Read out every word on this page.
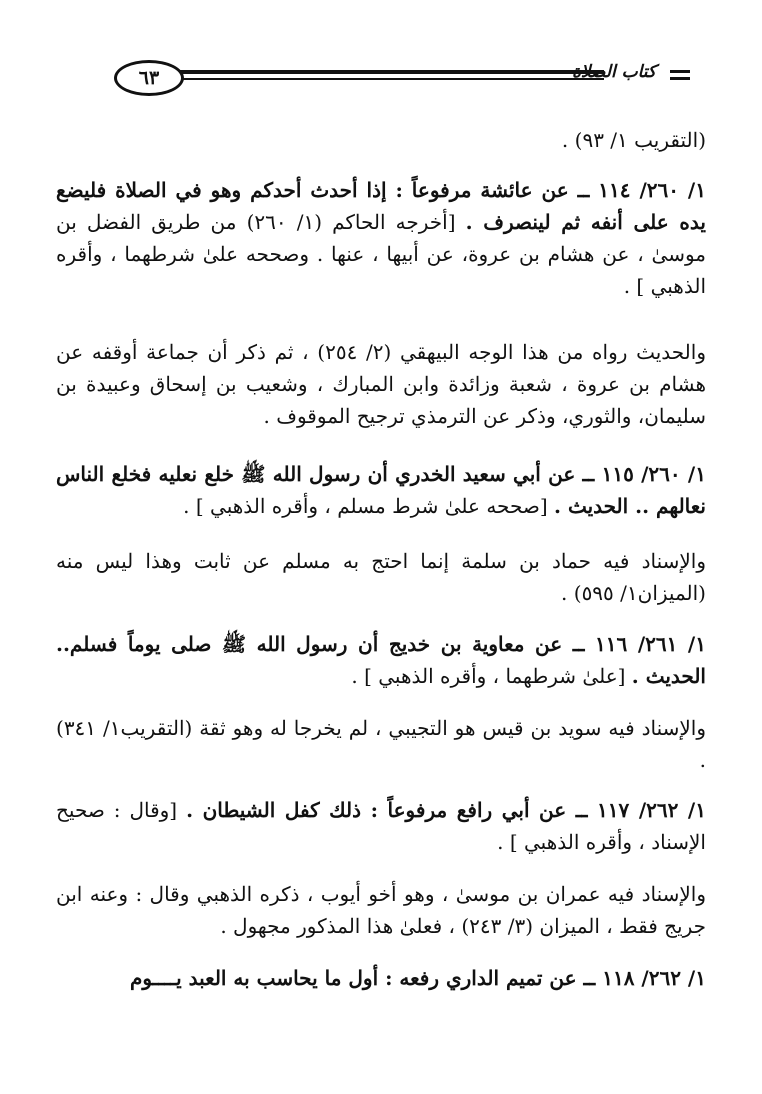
٦٣	كتاب الصلاة

(التقريب ١/ ٩٣) .

١/ ٢٦٠/ ١١٤ ــ عن عائشة مرفوعاً : إذا أحدث أحدكم وهو في الصلاة فليضع يده على أنفه ثم لينصرف . [أخرجه الحاكم (١/ ٢٦٠) من طريق الفضل بن موسىٰ ، عن هشام بن عروة، عن أبيها ، عنها . وصححه علىٰ شرطهما ، وأقره الذهبي ] .

والحديث رواه من هذا الوجه البيهقي (٢/ ٢٥٤) ، ثم ذكر أن جماعة أوقفه عن هشام بن عروة ، شعبة وزائدة وابن المبارك ، وشعيب بن إسحاق وعبيدة بن سليمان، والثوري، وذكر عن الترمذي ترجيح الموقوف .

١/ ٢٦٠/ ١١٥ ــ عن أبي سعيد الخدري أن رسول الله ﷺ خلع نعليه فخلع الناس نعالهم .. الحديث . [صححه علىٰ شرط مسلم ، وأقره الذهبي ] .

والإسناد فيه حماد بن سلمة إنما احتج به مسلم عن ثابت وهذا ليس منه (الميزان١/ ٥٩٥) .

١/ ٢٦١/ ١١٦ ــ عن معاوية بن خديج أن رسول الله ﷺ صلى يوماً فسلم.. الحديث . [علىٰ شرطهما ، وأقره الذهبي ] .

والإسناد فيه سويد بن قيس هو التجيبي ، لم يخرجا له وهو ثقة (التقريب١/ ٣٤١) .

١/ ٢٦٢/ ١١٧ ــ عن أبي رافع مرفوعاً : ذلك كفل الشيطان . [وقال : صحيح الإسناد ، وأقره الذهبي ] .

والإسناد فيه عمران بن موسىٰ ، وهو أخو أيوب ، ذكره الذهبي وقال : وعنه ابن جريج فقط ، الميزان (٣/ ٢٤٣) ، فعلىٰ هذا المذكور مجهول .

١/ ٢٦٢/ ١١٨ ــ عن تميم الداري رفعه : أول ما يحاسب به العبد يــــوم
